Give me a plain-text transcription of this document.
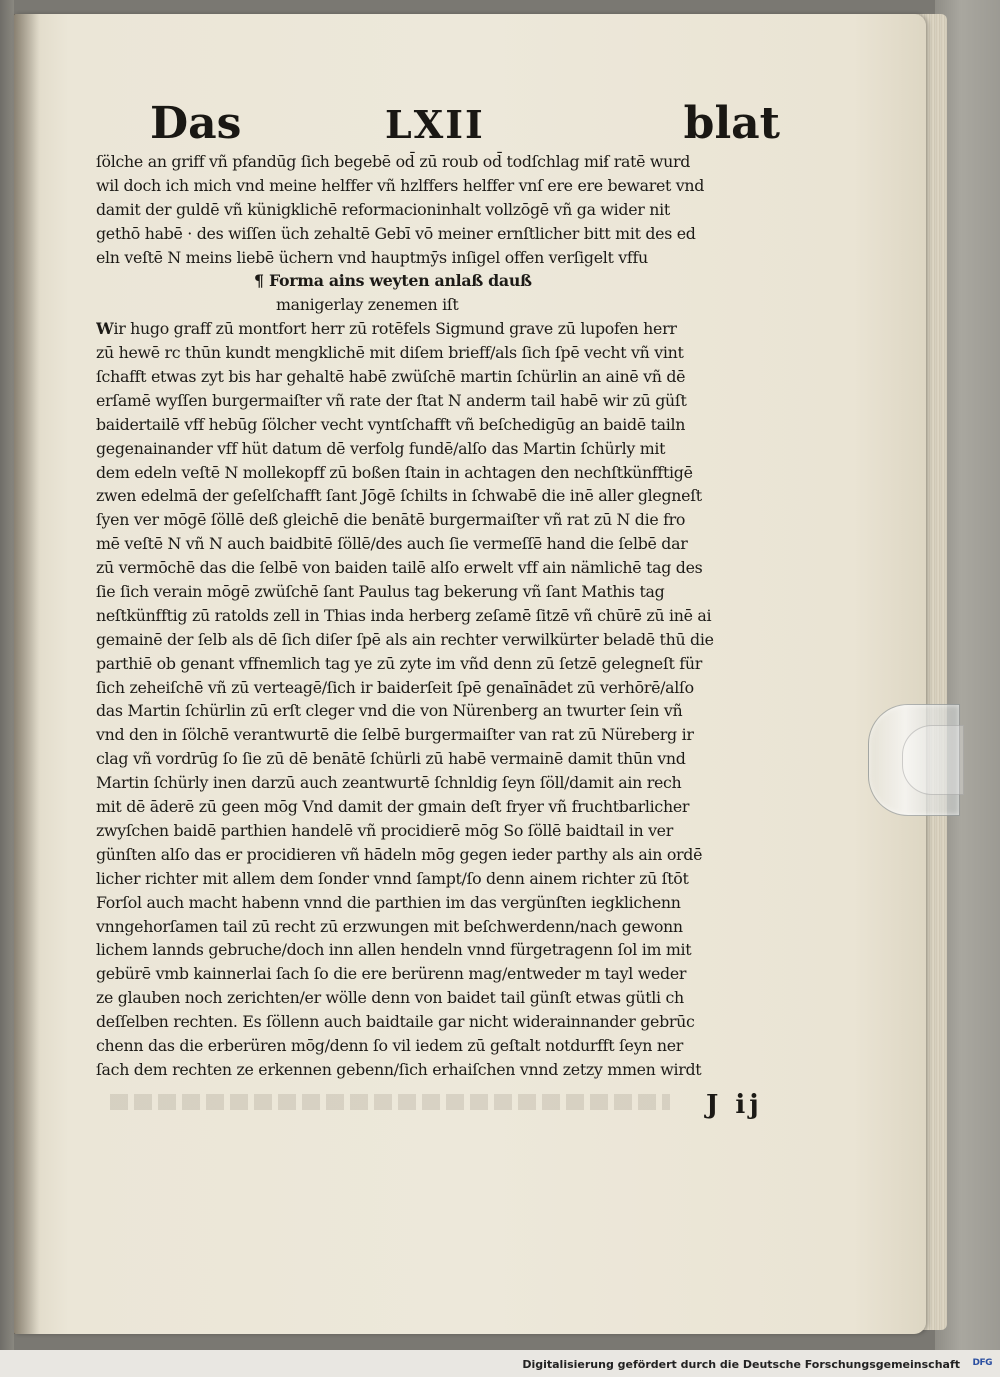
Das	LXII	blat
ſölche an griff vñ pfandūg ſich begebē od̄ zū roub od̄ todſchlag miẜ ratē wurd
wil doch ich mich vnd meine helffer vñ hzlffers helffer vnſ ere ere bewaret vnd
damit der guldē vñ künigklichē reformacioninhalt vollzōgē vñ ga wider nit
gethō habē · des wiſſen üch zehaltē Gebī vō meiner ernſtlicher bitt mit des ed
eln veſtē N meins liebē üchern vnd hauptmȳs inſigel offen verſigelt vffu
¶ Forma ains weyten anlaß dauß
manigerlay zenemen iſt
Wir hugo graff zū montfort herr zū rotēfels Sigmund grave zū lupofen herr
zū hewē rc thūn kundt mengklichē mit diſem brieff/als ſich ſpē vecht vñ vint
ſchafft etwas zyt bis har gehaltē habē zwüſchē martin ſchürlin an ainē vñ dē
erſamē wyſſen burgermaiſter vñ rate der ſtat N anderm tail habē wir zū güſt
baidertailē vff hebūg ſölcher vecht vyntſchafft vñ beſchedigūg an baidē tailn
gegenainander vff hüt datum dē verfolg fundē/alſo das Martin ſchürly mit
dem edeln veſtē N mollekopff zū boßen ſtain in achtagen den nechſtkünfftigē
zwen edelmā der geſelſchafft ſant Jōgē ſchilts in ſchwabē die inē aller glegneſt
ſyen ver mōgē ſöllē deß gleichē die benātē burgermaiſter vñ rat zū N die fro
mē veſtē N vñ N auch baidbitē ſöllē/des auch ſie vermeſſē hand die ſelbē dar
zū vermōchē das die ſelbē von baiden tailē alſo erwelt vff ain nämlichē tag des
ſie ſich verain mōgē zwüſchē ſant Paulus tag bekerung vñ ſant Mathis tag
neſtkünfftig zū ratolds zell in Thias inda herberg zeſamē ſitzē vñ chūrē zū inē ai
gemainē der ſelb als dē ſich diſer ſpē als ain rechter verwilkürter beladē thū die
parthiē ob genant vffnemlich tag ye zū zyte im vñd denn zū ſetzē gelegneſt für
ſich zeheiſchē vñ zū verteagē/ſich ir baiderſeit ſpē genaīnādet zū verhōrē/alſo
das Martin ſchürlin zū erſt cleger vnd die von Nürenberg an twurter ſein vñ
vnd den in ſölchē verantwurtē die ſelbē burgermaiſter van rat zū Nüreberg ir
clag vñ vordrūg ſo ſie zū dē benātē ſchürli zū habē vermainē damit thūn vnd
Martin ſchürly inen darzū auch zeantwurtē ſchnldig ſeyn ſöll/damit ain rech
mit dē āderē zū geen mōg Vnd damit der gmain deſt fryer vñ fruchtbarlicher
zwyſchen baidē parthien handelē vñ procidierē mōg So ſöllē baidtail in ver
günſten alſo das er procidieren vñ hādeln mōg gegen ieder parthy als ain ordē
licher richter mit allem dem ſonder vnnd ſampt/ſo denn ainem richter zū ſtōt
Forſol auch macht habenn vnnd die parthien im das vergünſten iegklichenn
vnngehorſamen tail zū recht zū erzwungen mit beſchwerdenn/nach gewonn
lichem lannds gebruche/doch inn allen hendeln vnnd fürgetragenn ſol im mit
gebürē vmb kainnerlai ſach ſo die ere berürenn mag/entweder m tayl weder
ze glauben noch zerichten/er wölle denn von baidet tail günſt etwas gütli ch
deſſelben rechten. Es ſöllenn auch baidtaile gar nicht widerainnander gebrūc
chenn das die erberüren mōg/denn ſo vil iedem zū geſtalt notdurfft ſeyn ner
ſach dem rechten ze erkennen gebenn/ſich erhaiſchen vnnd zetzy mmen wirdt
J ij
Digitalisierung gefördert durch die Deutsche Forschungsgemeinschaft DFG
